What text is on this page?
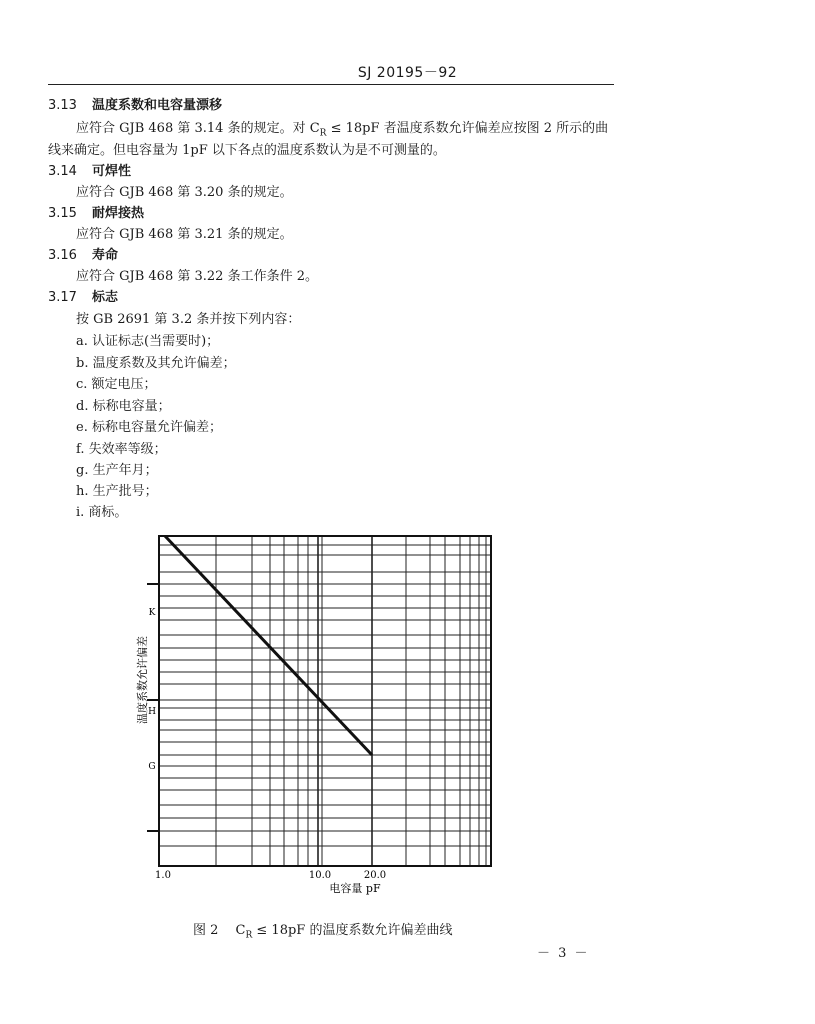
SJ 20195－92
3.13 温度系数和电容量漂移
应符合 GJB 468 第 3.14 条的规定。对 $C_R \le 18pF$ 者温度系数允许偏差应按图 2 所示的曲
线来确定。但电容量为 1pF 以下各点的温度系数认为是不可测量的。
3.14 可焊性
应符合 GJB 468 第 3.20 条的规定。
3.15 耐焊接热
应符合 GJB 468 第 3.21 条的规定。
3.16 寿命
应符合 GJB 468 第 3.22 条工作条件 2。
3.17 标志
按 GB 2691 第 3.2 条并按下列内容：
a. 认证标志(当需要时)；
b. 温度系数及其允许偏差；
c. 额定电压；
d. 标称电容量；
e. 标称电容量允许偏差；
f. 失效率等级；
g. 生产年月；
h. 生产批号；
i. 商标。
K
H
G
温度系数允许偏差
1.0	10.0	20.0
电容量 pF
图 2　 $C_R \le 18pF$ 的温度系数允许偏差曲线
－ 3 －
